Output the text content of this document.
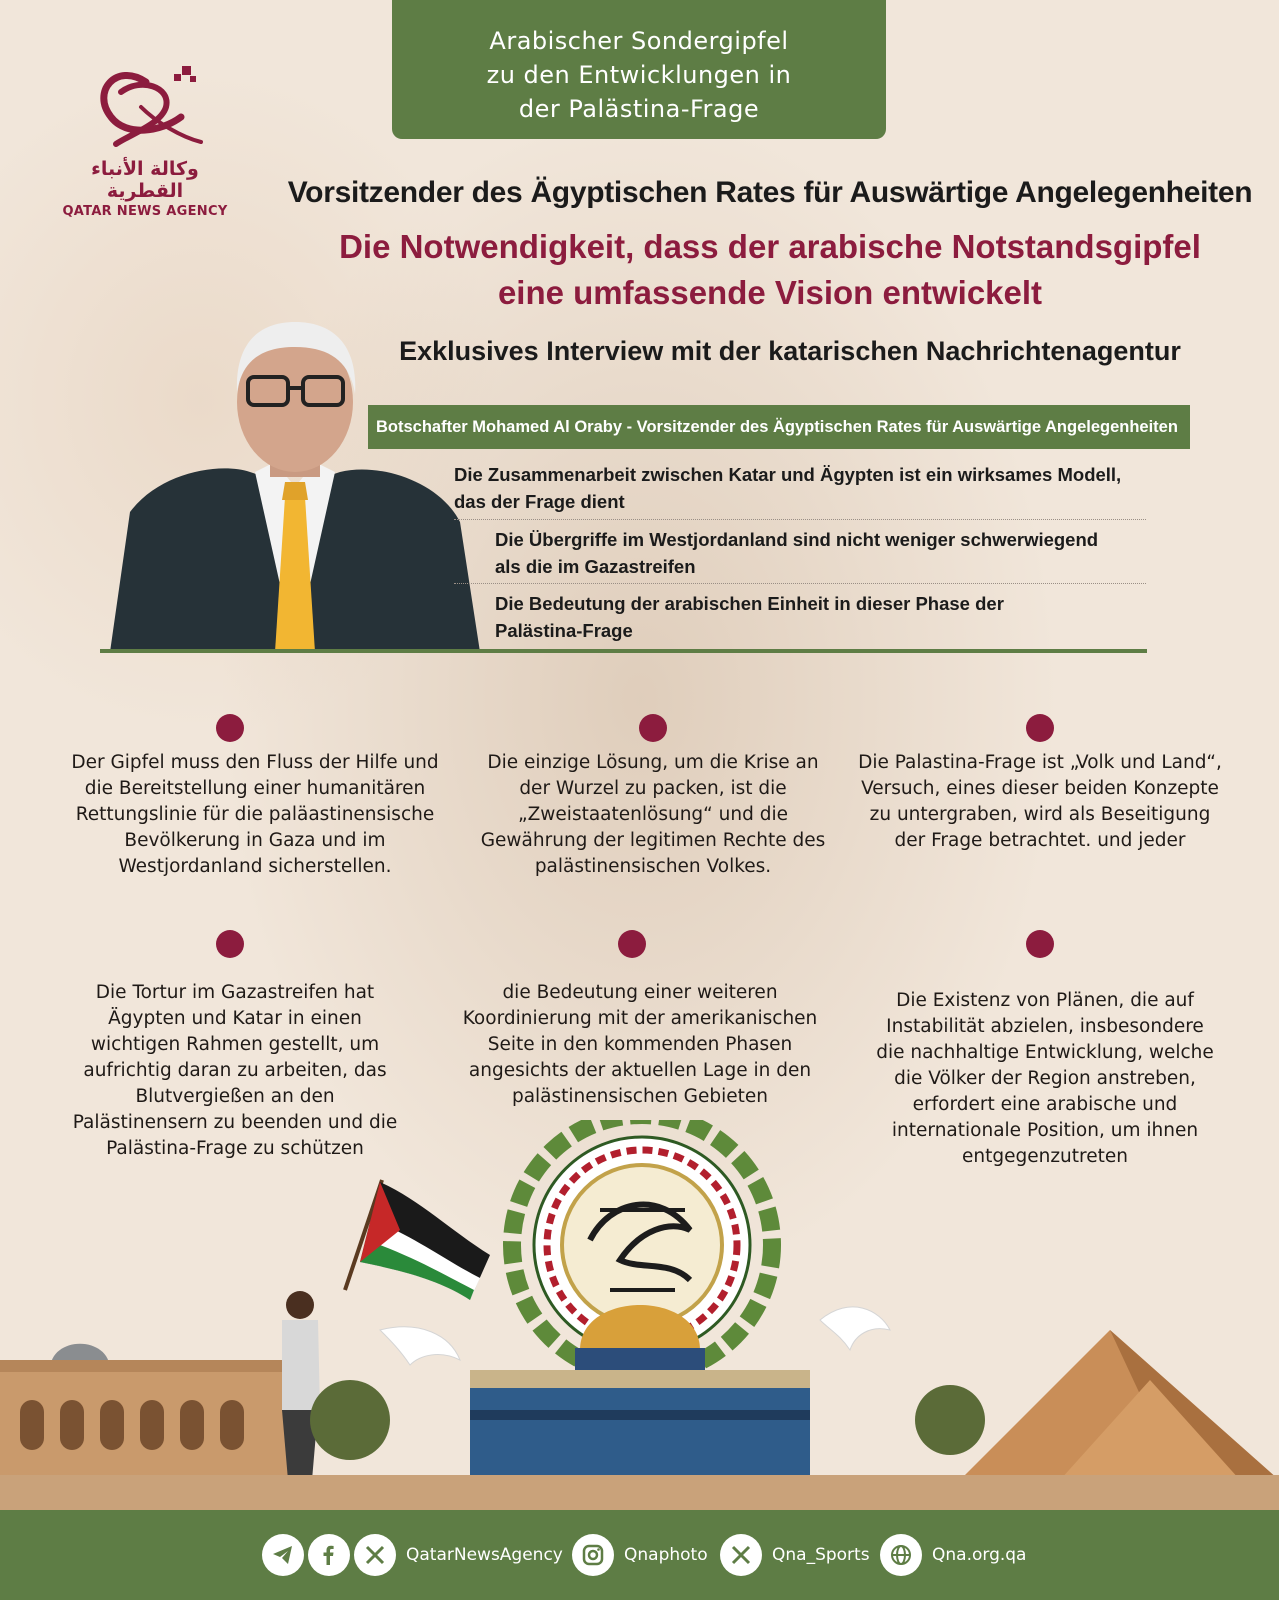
Arabischer Sondergipfel
zu den Entwicklungen in
der Palästina-Frage
وكالة الأنباء القطرية
QATAR NEWS AGENCY
Vorsitzender des Ägyptischen Rates für Auswärtige Angelegenheiten
Die Notwendigkeit, dass der arabische Notstandsgipfel
eine umfassende Vision entwickelt
Exklusives Interview mit der katarischen Nachrichtenagentur
Botschafter Mohamed Al Oraby - Vorsitzender des Ägyptischen Rates für Auswärtige Angelegenheiten
Die Zusammenarbeit zwischen Katar und Ägypten ist ein wirksames Modell,
das der Frage dient
Die Übergriffe im Westjordanland sind nicht weniger schwerwiegend
als die im Gazastreifen
Die Bedeutung der arabischen Einheit in dieser Phase der
Palästina-Frage
Der Gipfel muss den Fluss der Hilfe und
die Bereitstellung einer humanitären
Rettungslinie für die paläastinensische
Bevölkerung in Gaza und im
Westjordanland sicherstellen.
Die einzige Lösung, um die Krise an
der Wurzel zu packen, ist die
„Zweistaatenlösung“ und die
Gewährung der legitimen Rechte des
palästinensischen Volkes.
Die Palastina-Frage ist „Volk und Land“,
Versuch, eines dieser beiden Konzepte
zu untergraben, wird als Beseitigung
der Frage betrachtet. und jeder
Die Tortur im Gazastreifen hat
Ägypten und Katar in einen
wichtigen Rahmen gestellt, um
aufrichtig daran zu arbeiten, das
Blutvergießen an den
Palästinensern zu beenden und die
Palästina-Frage zu schützen
die Bedeutung einer weiteren
Koordinierung mit der amerikanischen
Seite in den kommenden Phasen
angesichts der aktuellen Lage in den
palästinensischen Gebieten
Die Existenz von Plänen, die auf
Instabilität abzielen, insbesondere
die nachhaltige Entwicklung, welche
die Völker der Region anstreben,
erfordert eine arabische und
internationale Position, um ihnen
entgegenzutreten
QatarNewsAgency	Qnaphoto	Qna_Sports	Qna.org.qa
